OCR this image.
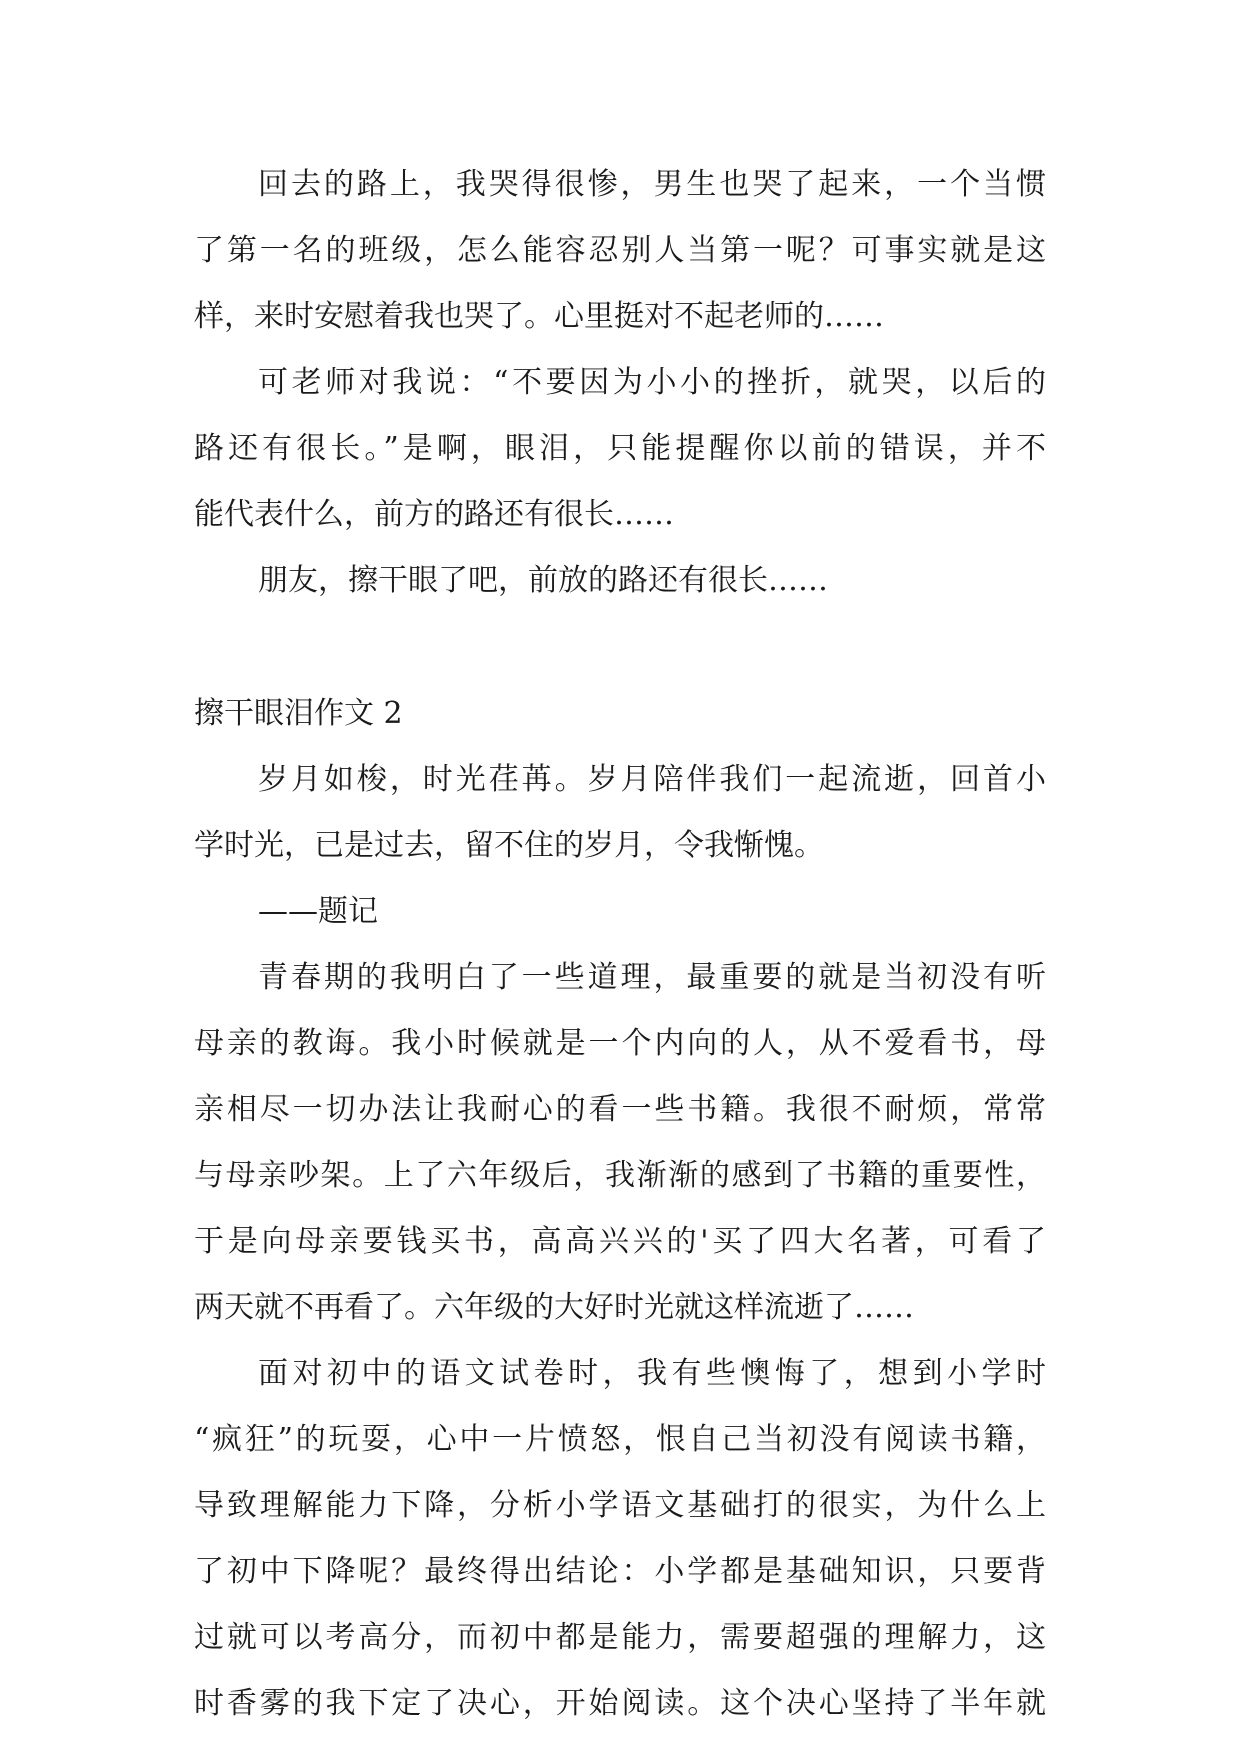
回去的路上，我哭得很惨，男生也哭了起来，一个当惯
了第一名的班级，怎么能容忍别人当第一呢？可事实就是这
样，来时安慰着我也哭了。心里挺对不起老师的……
可老师对我说：“不要因为小小的挫折，就哭，以后的
路还有很长。”是啊，眼泪，只能提醒你以前的错误，并不
能代表什么，前方的路还有很长……
朋友，擦干眼了吧，前放的路还有很长……
擦干眼泪作文 2
岁月如梭，时光荏苒。岁月陪伴我们一起流逝，回首小
学时光，已是过去，留不住的岁月，令我惭愧。
——题记
青春期的我明白了一些道理，最重要的就是当初没有听
母亲的教诲。我小时候就是一个内向的人，从不爱看书，母
亲相尽一切办法让我耐心的看一些书籍。我很不耐烦，常常
与母亲吵架。上了六年级后，我渐渐的感到了书籍的重要性，
于是向母亲要钱买书，高高兴兴的'买了四大名著，可看了
两天就不再看了。六年级的大好时光就这样流逝了……
面对初中的语文试卷时，我有些懊悔了，想到小学时
“疯狂”的玩耍，心中一片愤怒，恨自己当初没有阅读书籍，
导致理解能力下降，分析小学语文基础打的很实，为什么上
了初中下降呢？最终得出结论：小学都是基础知识，只要背
过就可以考高分，而初中都是能力，需要超强的理解力，这
时香雾的我下定了决心，开始阅读。这个决心坚持了半年就
